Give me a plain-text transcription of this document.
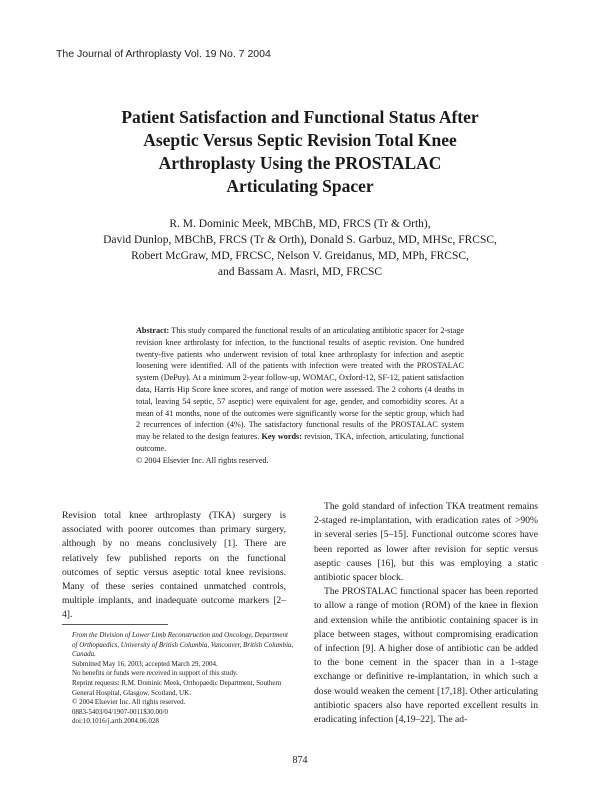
The Journal of Arthroplasty Vol. 19 No. 7 2004
Patient Satisfaction and Functional Status After
Aseptic Versus Septic Revision Total Knee
Arthroplasty Using the PROSTALAC
Articulating Spacer
R. M. Dominic Meek, MBChB, MD, FRCS (Tr & Orth),
David Dunlop, MBChB, FRCS (Tr & Orth), Donald S. Garbuz, MD, MHSc, FRCSC,
Robert McGraw, MD, FRCSC, Nelson V. Greidanus, MD, MPh, FRCSC,
and Bassam A. Masri, MD, FRCSC
Abstract: This study compared the functional results of an articulating antibiotic spacer for 2-stage revision knee arthrolasty for infection, to the functional results of aseptic revision. One hundred twenty-five patients who underwent revision of total knee arthroplasty for infection and aseptic loosening were identified. All of the patients with infection were treated with the PROSTALAC system (DePuy). At a minimum 2-year follow-up, WOMAC, Oxford-12, SF-12, patient satisfaction data, Harris Hip Score knee scores, and range of motion were assessed. The 2 cohorts (4 deaths in total, leaving 54 septic, 57 aseptic) were equivalent for age, gender, and comorbidity scores. At a mean of 41 months, none of the outcomes were significantly worse for the septic group, which had 2 recurrences of infection (4%). The satisfactory functional results of the PROSTALAC system may be related to the design features. Key words: revision, TKA, infection, articulating, functional outcome.
© 2004 Elsevier Inc. All rights reserved.

Revision total knee arthroplasty (TKA) surgery is associated with poorer outcomes than primary surgery, although by no means conclusively [1]. There are relatively few published reports on the functional outcomes of septic versus aseptic total knee revisions. Many of these series contained unmatched controls, multiple implants, and inadequate outcome markers [2–4].

From the Division of Lower Limb Reconstruction and Oncology, Department of Orthopaedics, University of British Columbia, Vancouver, British Columbia, Canada.

Submitted May 16, 2003; accepted March 29, 2004.

No benefits or funds were received in support of this study.

Reprint requests: R.M. Dominic Meek, Orthopaedic Department, Southern General Hospital, Glasgow, Scotland, UK.

© 2004 Elsevier Inc. All rights reserved.

0883-5403/04/1907-0011$30.00/0

doi:10.1016/j.arth.2004.06.028

The gold standard of infection TKA treatment remains 2-staged re-implantation, with eradication rates of >90% in several series [5–15]. Functional outcome scores have been reported as lower after revision for septic versus aseptic causes [16], but this was employing a static antibiotic spacer block.

The PROSTALAC functional spacer has been reported to allow a range of motion (ROM) of the knee in flexion and extension while the antibiotic containing spacer is in place between stages, without compromising eradication of infection [9]. A higher dose of antibiotic can be added to the bone cement in the spacer than in a 1-stage exchange or definitive re-implantation, in which such a dose would weaken the cement [17,18]. Other articulating antibiotic spacers also have reported excellent results in eradicating infection [4,19–22]. The ad-

874
